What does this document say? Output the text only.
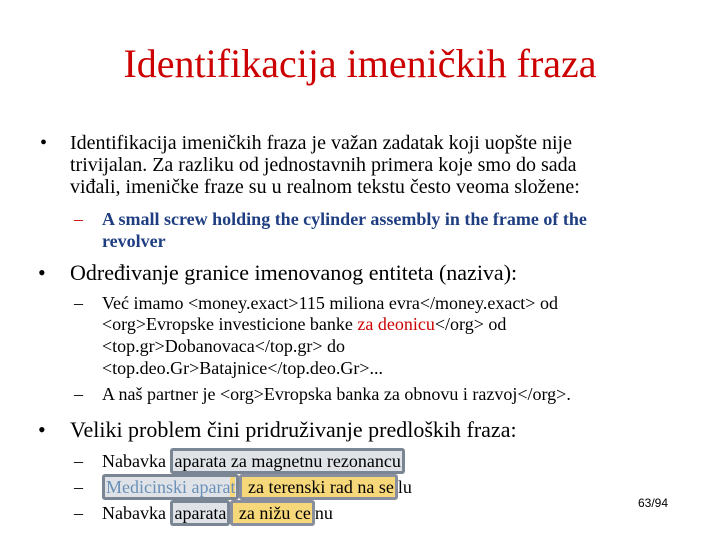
Identifikacija imeničkih fraza
• Identifikacija imeničkih fraza je važan zadatak koji uopšte nije
trivijalan. Za razliku od jednostavnih primera koje smo do sada
viđali, imeničke fraze su u realnom tekstu često veoma složene:
– A small screw holding the cylinder assembly in the frame of the
revolver
• Određivanje granice imenovanog entiteta (naziva):
– Već imamo <money.exact>115 miliona evra</money.exact> od
<org>Evropske investicione banke za deonicu</org> od
<top.gr>Dobanovaca</top.gr> do
<top.deo.Gr>Batajnice</top.deo.Gr>...
– A naš partner je <org>Evropska banka za obnovu i razvoj</org>.
• Veliki problem čini pridruživanje predloških fraza:
– Nabavka aparata za magnetnu rezonancu
– Medicinski aparat za terenski rad na se lu
– Nabavka aparata za nižu ce nu	63/94
